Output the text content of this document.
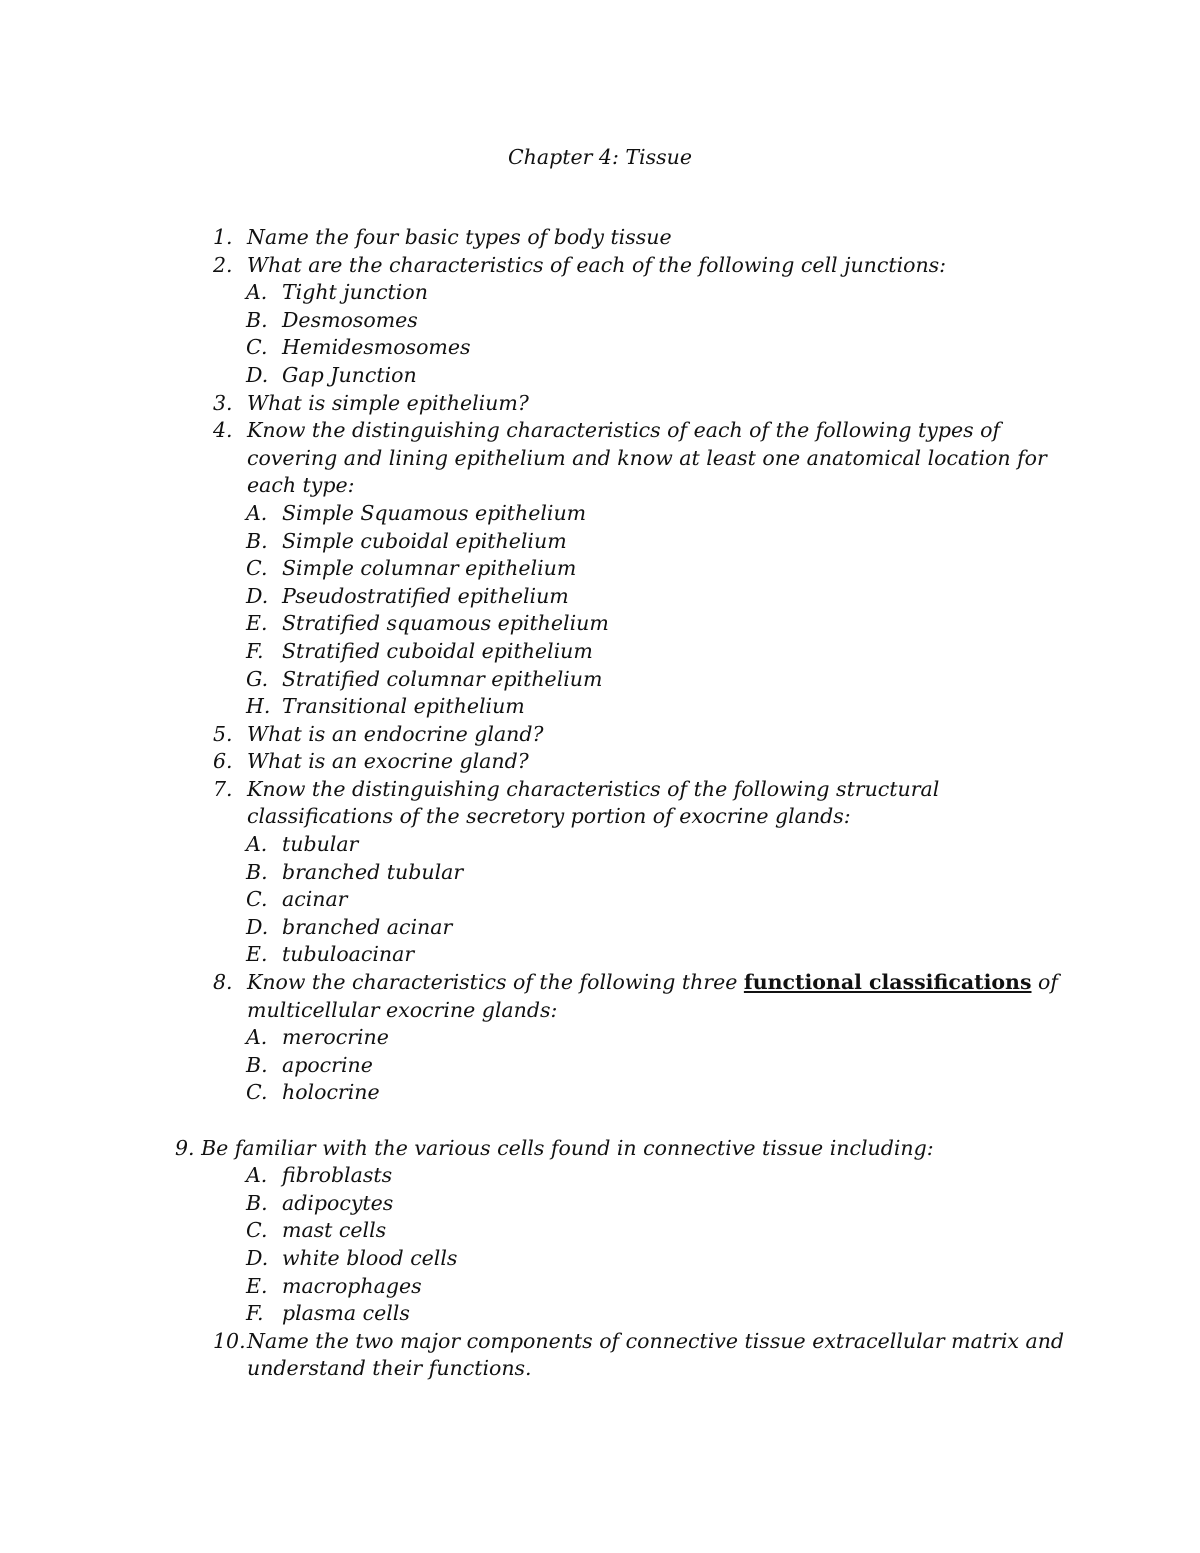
Chapter 4: Tissue
1. Name the four basic types of body tissue
2. What are the characteristics of each of the following cell junctions:
A. Tight junction
B. Desmosomes
C. Hemidesmosomes
D. Gap Junction
3. What is simple epithelium?
4. Know the distinguishing characteristics of each of the following types of
covering and lining epithelium and know at least one anatomical location for
each type:
A. Simple Squamous epithelium
B. Simple cuboidal epithelium
C. Simple columnar epithelium
D. Pseudostratified epithelium
E. Stratified squamous epithelium
F. Stratified cuboidal epithelium
G. Stratified columnar epithelium
H. Transitional epithelium
5. What is an endocrine gland?
6. What is an exocrine gland?
7. Know the distinguishing characteristics of the following structural
classifications of the secretory portion of exocrine glands:
A. tubular
B. branched tubular
C. acinar
D. branched acinar
E. tubuloacinar
8. Know the characteristics of the following three functional classifications of
multicellular exocrine glands:
A. merocrine
B. apocrine
C. holocrine
9. Be familiar with the various cells found in connective tissue including:
A. fibroblasts
B. adipocytes
C. mast cells
D. white blood cells
E. macrophages
F. plasma cells
10. Name the two major components of connective tissue extracellular matrix and
understand their functions.
